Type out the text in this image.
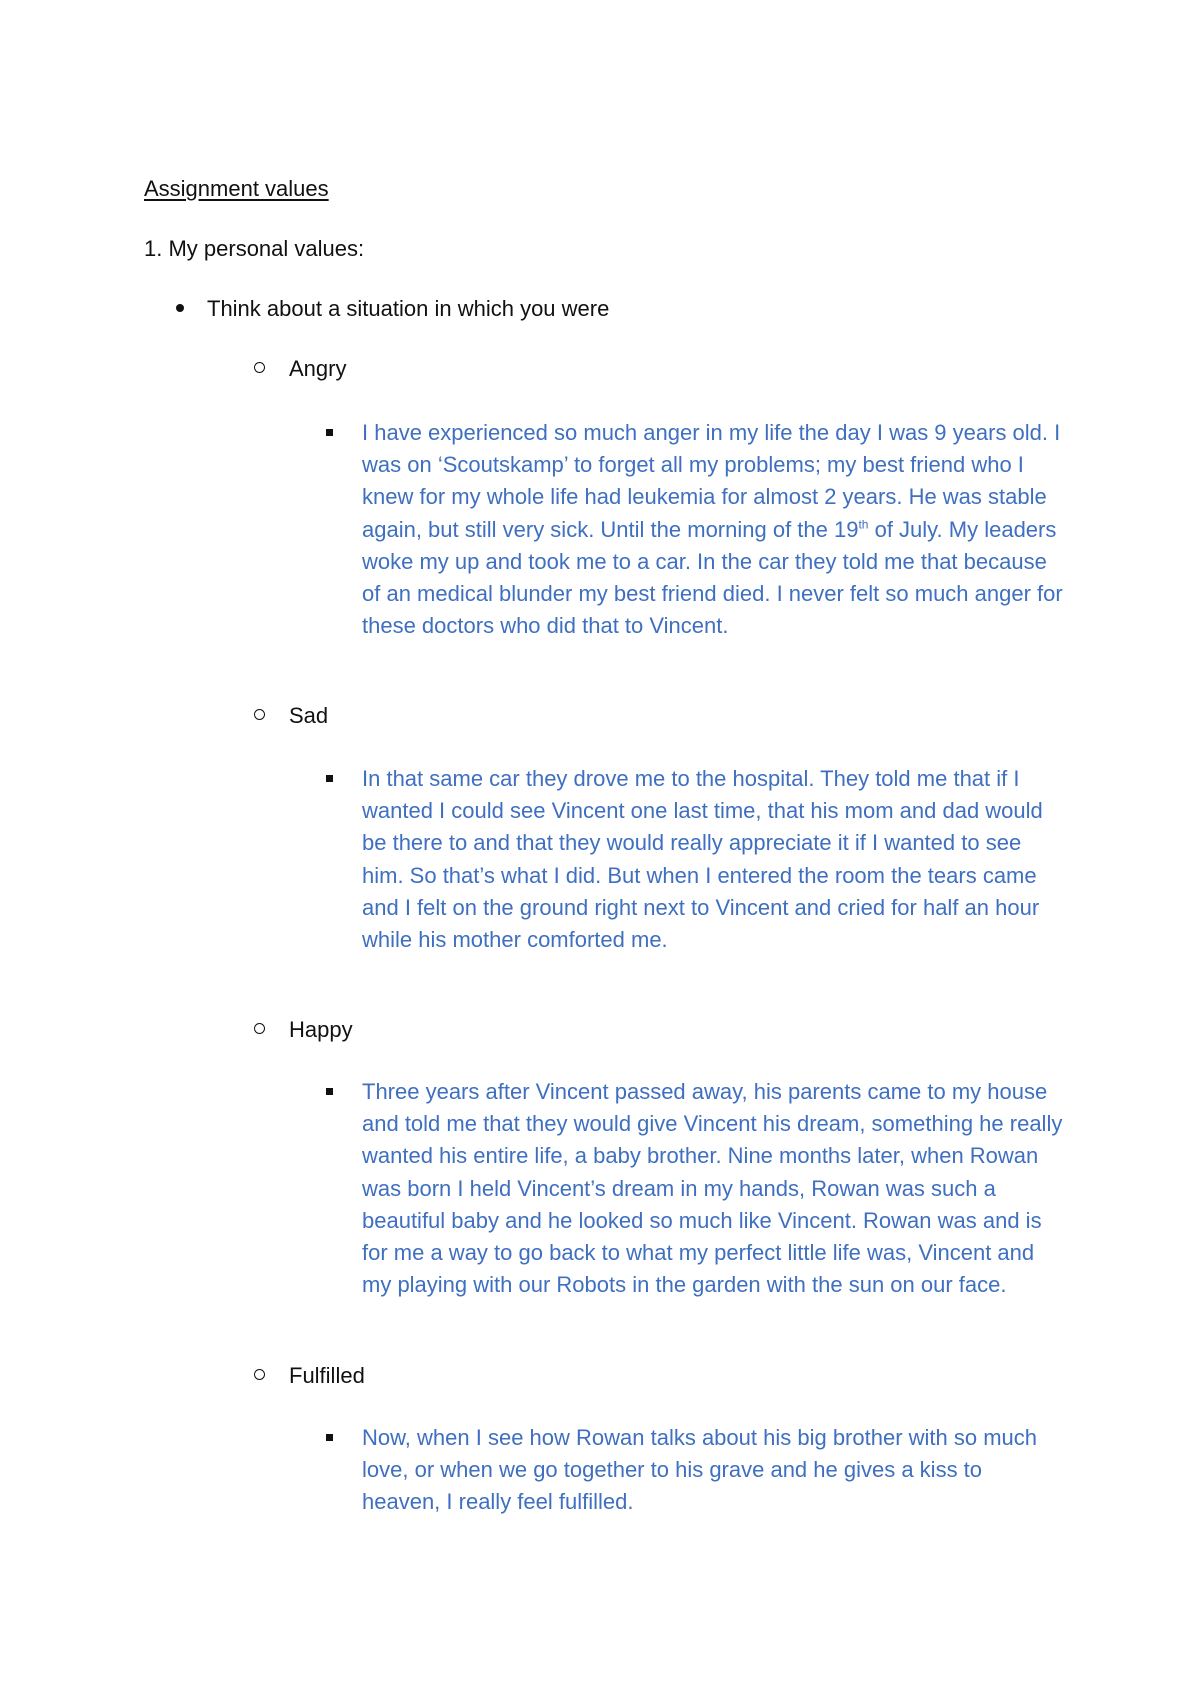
Assignment values

1. My personal values:

Think about a situation in which you were
Angry

I have experienced so much anger in my life the day I was 9 years old. I was on ‘Scoutskamp’ to forget all my problems; my best friend who I knew for my whole life had leukemia for almost 2 years. He was stable again, but still very sick. Until the morning of the 19th of July. My leaders woke my up and took me to a car. In the car they told me that because of an medical blunder my best friend died. I never felt so much anger for these doctors who did that to Vincent.

Sad

In that same car they drove me to the hospital. They told me that if I wanted I could see Vincent one last time, that his mom and dad would be there to and that they would really appreciate it if I wanted to see him. So that’s what I did. But when I entered the room the tears came and I felt on the ground right next to Vincent and cried for half an hour while his mother comforted me.

Happy

Three years after Vincent passed away, his parents came to my house and told me that they would give Vincent his dream, something he really wanted his entire life, a baby brother. Nine months later, when Rowan was born I held Vincent’s dream in my hands, Rowan was such a beautiful baby and he looked so much like Vincent. Rowan was and is for me a way to go back to what my perfect little life was, Vincent and my playing with our Robots in the garden with the sun on our face.

Fulfilled

Now, when I see how Rowan talks about his big brother with so much love, or when we go together to his grave and he gives a kiss to heaven, I really feel fulfilled.
